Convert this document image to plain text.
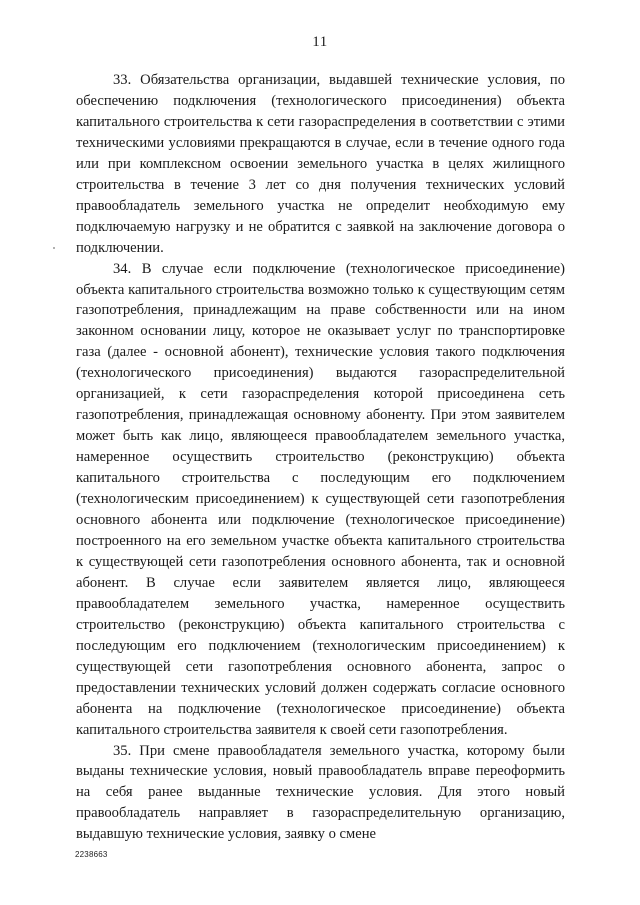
11

33. Обязательства организации, выдавшей технические условия, по обеспечению подключения (технологического присоединения) объекта капитального строительства к сети газораспределения в соответствии с этими техническими условиями прекращаются в случае, если в течение одного года или при комплексном освоении земельного участка в целях жилищного строительства в течение 3 лет со дня получения технических условий правообладатель земельного участка не определит необходимую ему подключаемую нагрузку и не обратится с заявкой на заключение договора о подключении.

34. В случае если подключение (технологическое присоединение) объекта капитального строительства возможно только к существующим сетям газопотребления, принадлежащим на праве собственности или на ином законном основании лицу, которое не оказывает услуг по транспортировке газа (далее - основной абонент), технические условия такого подключения (технологического присоединения) выдаются газораспределительной организацией, к сети газораспределения которой присоединена сеть газопотребления, принадлежащая основному абоненту. При этом заявителем может быть как лицо, являющееся правообладателем земельного участка, намеренное осуществить строительство (реконструкцию) объекта капитального строительства с последующим его подключением (технологическим присоединением) к существующей сети газопотребления основного абонента или подключение (технологическое присоединение) построенного на его земельном участке объекта капитального строительства к существующей сети газопотребления основного абонента, так и основной абонент. В случае если заявителем является лицо, являющееся правообладателем земельного участка, намеренное осуществить строительство (реконструкцию) объекта капитального строительства с последующим его подключением (технологическим присоединением) к существующей сети газопотребления основного абонента, запрос о предоставлении технических условий должен содержать согласие основного абонента на подключение (технологическое присоединение) объекта капитального строительства заявителя к своей сети газопотребления.

35. При смене правообладателя земельного участка, которому были выданы технические условия, новый правообладатель вправе переоформить на себя ранее выданные технические условия. Для этого новый правообладатель направляет в газораспределительную организацию, выдавшую технические условия, заявку о смене

2238663
